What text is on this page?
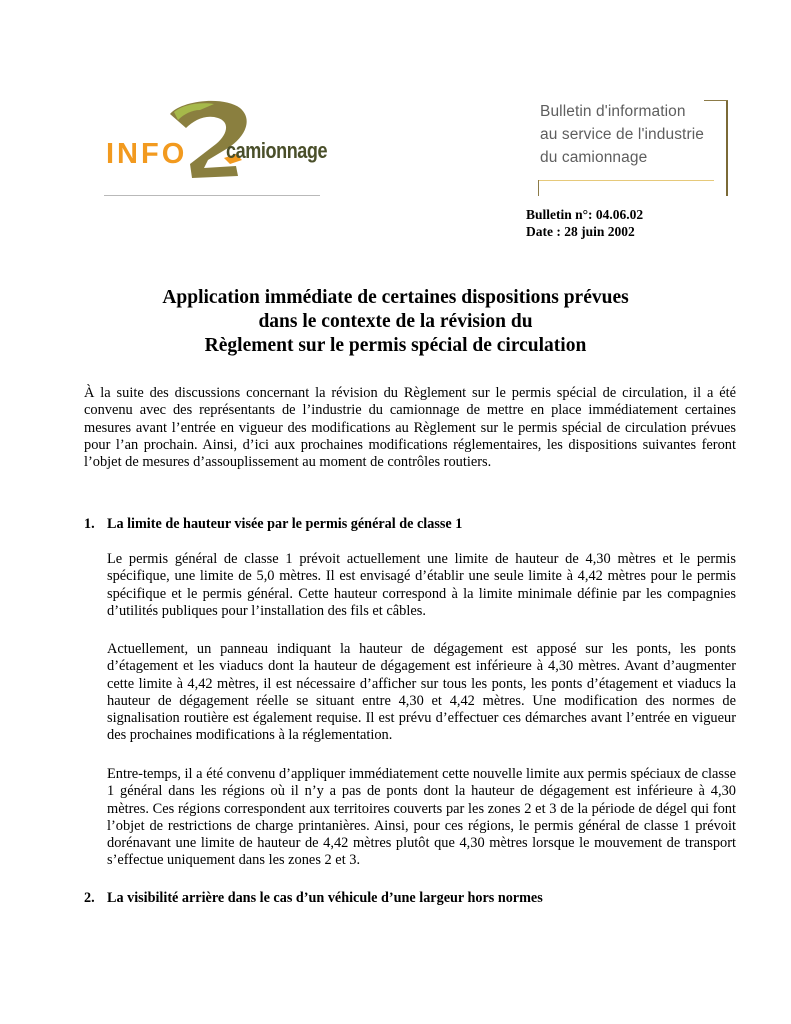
INFO camionnage
Bulletin d'information
au service de l'industrie
du camionnage
Bulletin n°: 04.06.02
Date : 28 juin 2002
Application immédiate de certaines dispositions prévues
dans le contexte de la révision du
Règlement sur le permis spécial de circulation
À la suite des discussions concernant la révision du Règlement sur le permis spécial de circulation, il a été convenu avec des représentants de l’industrie du camionnage de mettre en place immédiatement certaines mesures avant l’entrée en vigueur des modifications au Règlement sur le permis spécial de circulation prévues pour l’an prochain. Ainsi, d’ici aux prochaines modifications réglementaires, les dispositions suivantes feront l’objet de mesures d’assouplissement au moment de contrôles routiers.
1. La limite de hauteur visée par le permis général de classe 1
Le permis général de classe 1 prévoit actuellement une limite de hauteur de 4,30 mètres et le permis spécifique, une limite de 5,0 mètres. Il est envisagé d’établir une seule limite à 4,42 mètres pour le permis spécifique et le permis général. Cette hauteur correspond à la limite minimale définie par les compagnies d’utilités publiques pour l’installation des fils et câbles.
Actuellement, un panneau indiquant la hauteur de dégagement est apposé sur les ponts, les ponts d’étagement et les viaducs dont la hauteur de dégagement est inférieure à 4,30 mètres. Avant d’augmenter cette limite à 4,42 mètres, il est nécessaire d’afficher sur tous les ponts, les ponts d’étagement et viaducs la hauteur de dégagement réelle se situant entre 4,30 et 4,42 mètres. Une modification des normes de signalisation routière est également requise. Il est prévu d’effectuer ces démarches avant l’entrée en vigueur des prochaines modifications à la réglementation.
Entre-temps, il a été convenu d’appliquer immédiatement cette nouvelle limite aux permis spéciaux de classe 1 général dans les régions où il n’y a pas de ponts dont la hauteur de dégagement est inférieure à 4,30 mètres. Ces régions correspondent aux territoires couverts par les zones 2 et 3 de la période de dégel qui font l’objet de restrictions de charge printanières. Ainsi, pour ces régions, le permis général de classe 1 prévoit dorénavant une limite de hauteur de 4,42 mètres plutôt que 4,30 mètres lorsque le mouvement de transport s’effectue uniquement dans les zones 2 et 3.
2. La visibilité arrière dans le cas d’un véhicule d’une largeur hors normes
